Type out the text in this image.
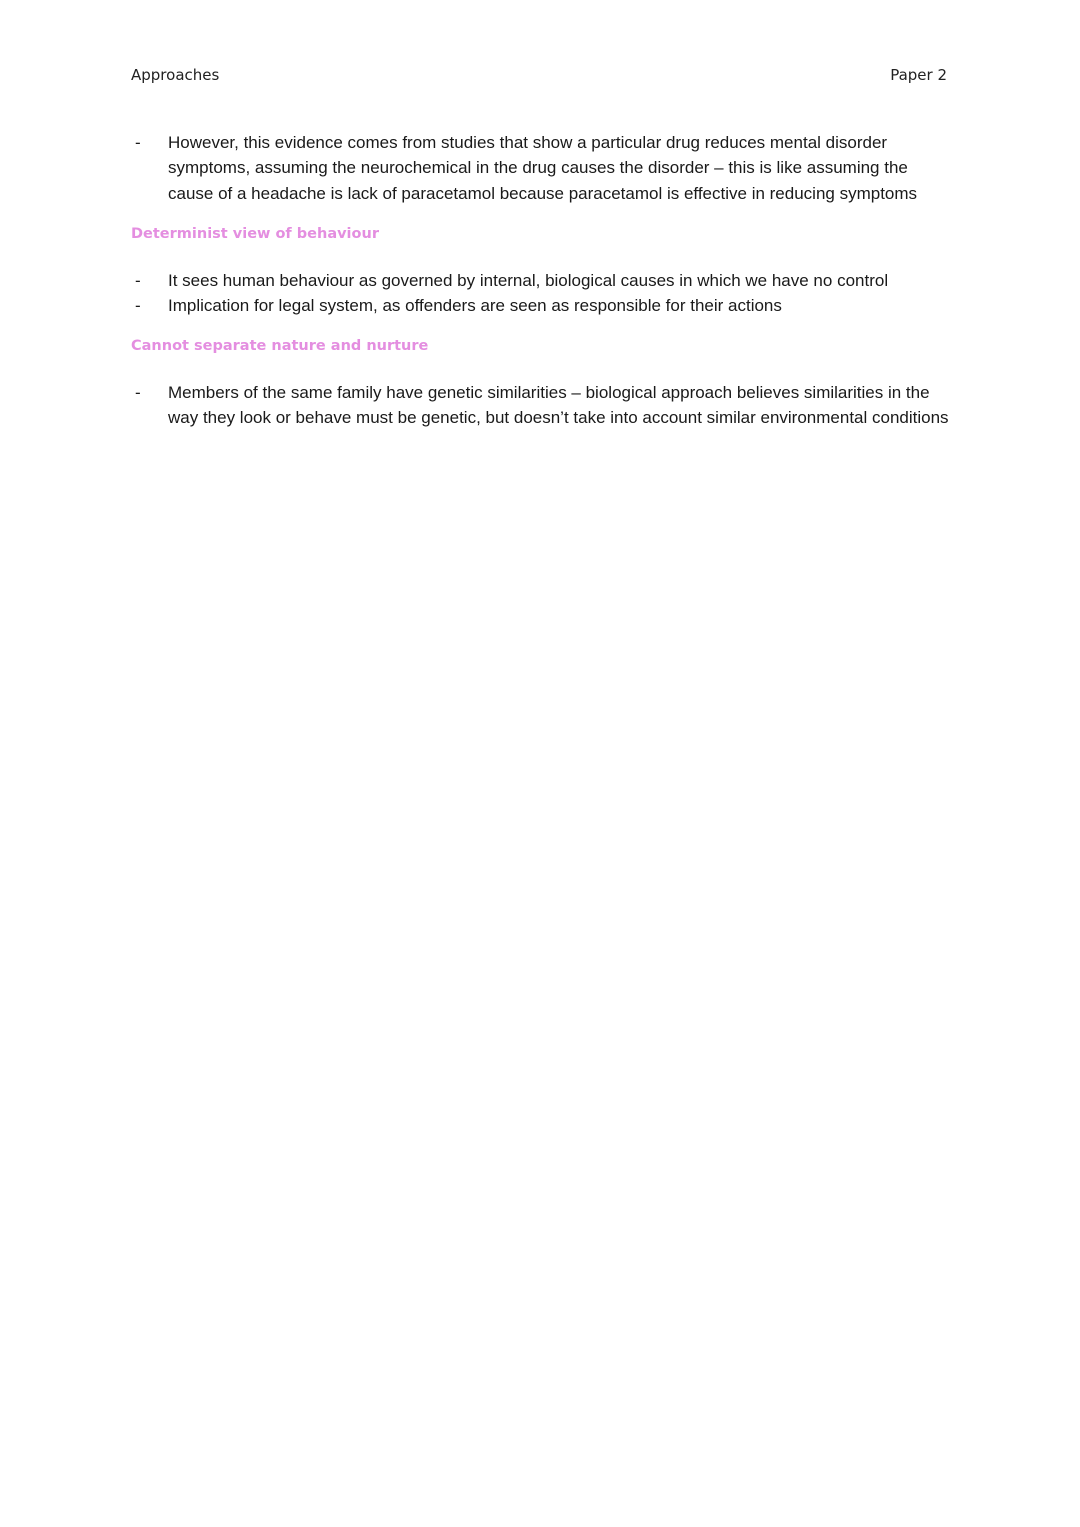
Approaches	Paper 2
- However, this evidence comes from studies that show a particular drug reduces mental disorder symptoms, assuming the neurochemical in the drug causes the disorder – this is like assuming the cause of a headache is lack of paracetamol because paracetamol is effective in reducing symptoms
Determinist view of behaviour
- It sees human behaviour as governed by internal, biological causes in which we have no control
- Implication for legal system, as offenders are seen as responsible for their actions
Cannot separate nature and nurture
- Members of the same family have genetic similarities – biological approach believes similarities in the way they look or behave must be genetic, but doesn’t take into account similar environmental conditions
